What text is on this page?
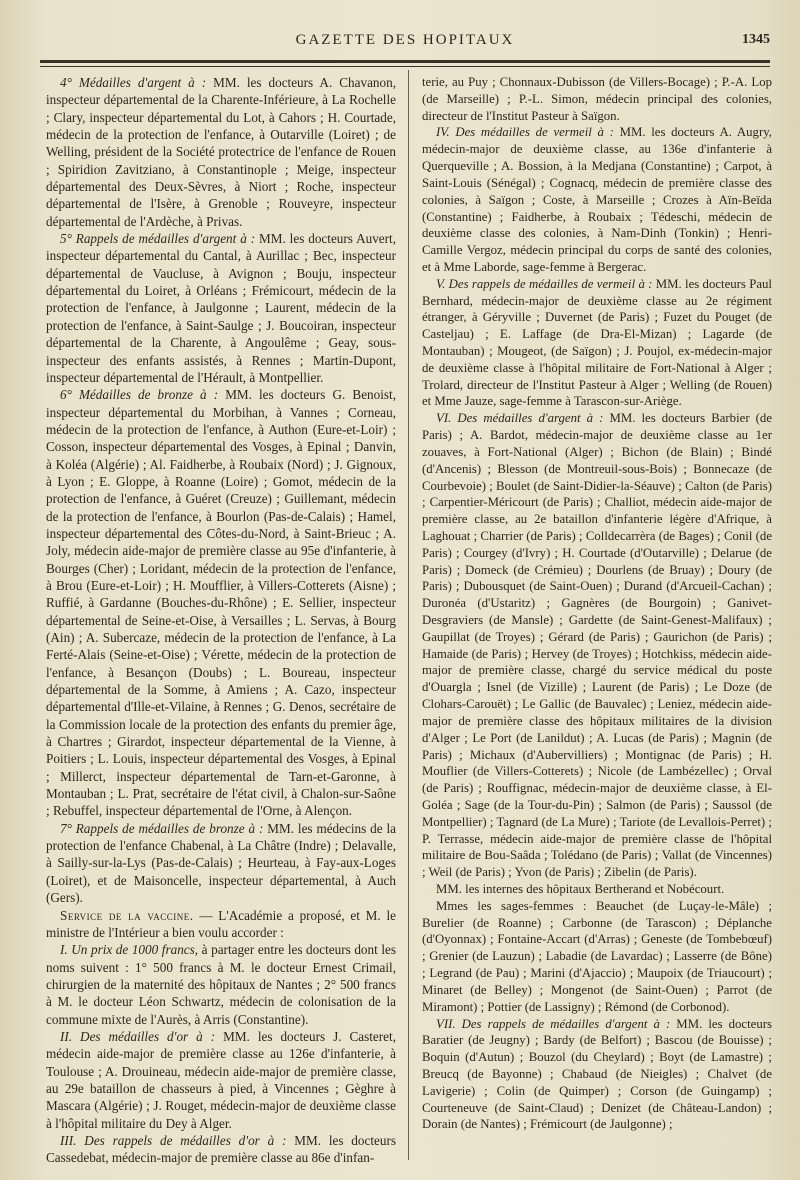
GAZETTE DES HOPITAUX	1345

4° Médailles d'argent à : MM. les docteurs A. Chavanon, inspecteur départemental de la Charente-Inférieure, à La Rochelle ; Clary, inspecteur départemental du Lot, à Cahors ; H. Courtade, médecin de la protection de l'enfance, à Outarville (Loiret) ; de Welling, président de la Société protectrice de l'enfance de Rouen ; Spiridion Zavitziano, à Constantinople ; Meige, inspecteur départemental des Deux-Sèvres, à Niort ; Roche, inspecteur départemental de l'Isère, à Grenoble ; Rouveyre, inspecteur départemental de l'Ardèche, à Privas.

5° Rappels de médailles d'argent à : MM. les docteurs Auvert, inspecteur départemental du Cantal, à Aurillac ; Bec, inspecteur départemental de Vaucluse, à Avignon ; Bouju, inspecteur départemental du Loiret, à Orléans ; Frémicourt, médecin de la protection de l'enfance, à Jaulgonne ; Laurent, médecin de la protection de l'enfance, à Saint-Saulge ; J. Boucoiran, inspecteur départemental de la Charente, à Angoulême ; Geay, sous-inspecteur des enfants assistés, à Rennes ; Martin-Dupont, inspecteur départemental de l'Hérault, à Montpellier.

6° Médailles de bronze à : MM. les docteurs G. Benoist, inspecteur départemental du Morbihan, à Vannes ; Corneau, médecin de la protection de l'enfance, à Authon (Eure-et-Loir) ; Cosson, inspecteur départemental des Vosges, à Epinal ; Danvin, à Koléa (Algérie) ; Al. Faidherbe, à Roubaix (Nord) ; J. Gignoux, à Lyon ; E. Gloppe, à Roanne (Loire) ; Gomot, médecin de la protection de l'enfance, à Guéret (Creuze) ; Guillemant, médecin de la protection de l'enfance, à Bourlon (Pas-de-Calais) ; Hamel, inspecteur départemental des Côtes-du-Nord, à Saint-Brieuc ; A. Joly, médecin aide-major de première classe au 95e d'infanterie, à Bourges (Cher) ; Loridant, médecin de la protection de l'enfance, à Brou (Eure-et-Loir) ; H. Moufflier, à Villers-Cotterets (Aisne) ; Ruffié, à Gardanne (Bouches-du-Rhône) ; E. Sellier, inspecteur départemental de Seine-et-Oise, à Versailles ; L. Servas, à Bourg (Ain) ; A. Subercaze, médecin de la protection de l'enfance, à La Ferté-Alais (Seine-et-Oise) ; Vérette, médecin de la protection de l'enfance, à Besançon (Doubs) ; L. Boureau, inspecteur départemental de la Somme, à Amiens ; A. Cazo, inspecteur départemental d'Ille-et-Vilaine, à Rennes ; G. Denos, secrétaire de la Commission locale de la protection des enfants du premier âge, à Chartres ; Girardot, inspecteur départemental de la Vienne, à Poitiers ; L. Louis, inspecteur départemental des Vosges, à Epinal ; Millerct, inspecteur départemental de Tarn-et-Garonne, à Montauban ; L. Prat, secrétaire de l'état civil, à Chalon-sur-Saône ; Rebuffel, inspecteur départemental de l'Orne, à Alençon.

7° Rappels de médailles de bronze à : MM. les médecins de la protection de l'enfance Chabenal, à La Châtre (Indre) ; Delavalle, à Sailly-sur-la-Lys (Pas-de-Calais) ; Heurteau, à Fay-aux-Loges (Loiret), et de Maisoncelle, inspecteur départemental, à Auch (Gers).

Service de la vaccine. — L'Académie a proposé, et M. le ministre de l'Intérieur a bien voulu accorder :

I. Un prix de 1000 francs, à partager entre les docteurs dont les noms suivent : 1° 500 francs à M. le docteur Ernest Crimail, chirurgien de la maternité des hôpitaux de Nantes ; 2° 500 francs à M. le docteur Léon Schwartz, médecin de colonisation de la commune mixte de l'Aurès, à Arris (Constantine).

II. Des médailles d'or à : MM. les docteurs J. Casteret, médecin aide-major de première classe au 126e d'infanterie, à Toulouse ; A. Drouineau, médecin aide-major de première classe, au 29e bataillon de chasseurs à pied, à Vincennes ; Gèghre à Mascara (Algérie) ; J. Rouget, médecin-major de deuxième classe à l'hôpital militaire du Dey à Alger.

III. Des rappels de médailles d'or à : MM. les docteurs Cassedebat, médecin-major de première classe au 86e d'infan-

terie, au Puy ; Chonnaux-Dubisson (de Villers-Bocage) ; P.-A. Lop (de Marseille) ; P.-L. Simon, médecin principal des colonies, directeur de l'Institut Pasteur à Saïgon.

IV. Des médailles de vermeil à : MM. les docteurs A. Augry, médecin-major de deuxième classe, au 136e d'infanterie à Querqueville ; A. Bossion, à la Medjana (Constantine) ; Carpot, à Saint-Louis (Sénégal) ; Cognacq, médecin de première classe des colonies, à Saïgon ; Coste, à Marseille ; Crozes à Aïn-Beïda (Constantine) ; Faidherbe, à Roubaix ; Tédeschi, médecin de deuxième classe des colonies, à Nam-Dinh (Tonkin) ; Henri-Camille Vergoz, médecin principal du corps de santé des colonies, et à Mme Laborde, sage-femme à Bergerac.

V. Des rappels de médailles de vermeil à : MM. les docteurs Paul Bernhard, médecin-major de deuxième classe au 2e régiment étranger, à Géryville ; Duvernet (de Paris) ; Fuzet du Pouget (de Casteljau) ; E. Laffage (de Dra-El-Mizan) ; Lagarde (de Montauban) ; Mougeot, (de Saïgon) ; J. Poujol, ex-médecin-major de deuxième classe à l'hôpital militaire de Fort-National à Alger ; Trolard, directeur de l'Institut Pasteur à Alger ; Welling (de Rouen) et Mme Jauze, sage-femme à Tarascon-sur-Ariège.

VI. Des médailles d'argent à : MM. les docteurs Barbier (de Paris) ; A. Bardot, médecin-major de deuxième classe au 1er zouaves, à Fort-National (Alger) ; Bichon (de Blain) ; Bindé (d'Ancenis) ; Blesson (de Montreuil-sous-Bois) ; Bonnecaze (de Courbevoie) ; Boulet (de Saint-Didier-la-Séauve) ; Calton (de Paris) ; Carpentier-Méricourt (de Paris) ; Challiot, médecin aide-major de première classe, au 2e bataillon d'infanterie légère d'Afrique, à Laghouat ; Charrier (de Paris) ; Colldecarrèra (de Bages) ; Conil (de Paris) ; Courgey (d'Ivry) ; H. Courtade (d'Outarville) ; Delarue (de Paris) ; Domeck (de Crémieu) ; Dourlens (de Bruay) ; Doury (de Paris) ; Dubousquet (de Saint-Ouen) ; Durand (d'Arcueil-Cachan) ; Duronéa (d'Ustaritz) ; Gagnères (de Bourgoin) ; Ganivet-Desgraviers (de Mansle) ; Gardette (de Saint-Genest-Malifaux) ; Gaupillat (de Troyes) ; Gérard (de Paris) ; Gaurichon (de Paris) ; Hamaide (de Paris) ; Hervey (de Troyes) ; Hotchkiss, médecin aide-major de première classe, chargé du service médical du poste d'Ouargla ; Isnel (de Vizille) ; Laurent (de Paris) ; Le Doze (de Clohars-Carouët) ; Le Gallic (de Bauvalec) ; Leniez, médecin aide-major de première classe des hôpitaux militaires de la division d'Alger ; Le Port (de Lanildut) ; A. Lucas (de Paris) ; Magnin (de Paris) ; Michaux (d'Aubervilliers) ; Montignac (de Paris) ; H. Mouflier (de Villers-Cotterets) ; Nicole (de Lambézellec) ; Orval (de Paris) ; Rouffignac, médecin-major de deuxième classe, à El-Goléa ; Sage (de la Tour-du-Pin) ; Salmon (de Paris) ; Saussol (de Montpellier) ; Tagnard (de La Mure) ; Tariote (de Levallois-Perret) ; P. Terrasse, médecin aide-major de première classe de l'hôpital militaire de Bou-Saâda ; Tolédano (de Paris) ; Vallat (de Vincennes) ; Weil (de Paris) ; Yvon (de Paris) ; Zibelin (de Paris).

MM. les internes des hôpitaux Bertherand et Nobécourt.

Mmes les sages-femmes : Beauchet (de Luçay-le-Mâle) ; Burelier (de Roanne) ; Carbonne (de Tarascon) ; Déplanche (d'Oyonnax) ; Fontaine-Accart (d'Arras) ; Geneste (de Tombebœuf) ; Grenier (de Lauzun) ; Labadie (de Lavardac) ; Lasserre (de Bône) ; Legrand (de Pau) ; Marini (d'Ajaccio) ; Maupoix (de Triaucourt) ; Minaret (de Belley) ; Mongenot (de Saint-Ouen) ; Parrot (de Miramont) ; Pottier (de Lassigny) ; Rémond (de Corbonod).

VII. Des rappels de médailles d'argent à : MM. les docteurs Baratier (de Jeugny) ; Bardy (de Belfort) ; Bascou (de Bouisse) ; Boquin (d'Autun) ; Bouzol (du Cheylard) ; Boyt (de Lamastre) ; Breucq (de Bayonne) ; Chabaud (de Nieigles) ; Chalvet (de Lavigerie) ; Colin (de Quimper) ; Corson (de Guingamp) ; Courteneuve (de Saint-Claud) ; Denizet (de Château-Landon) ; Dorain (de Nantes) ; Frémicourt (de Jaulgonne) ;
